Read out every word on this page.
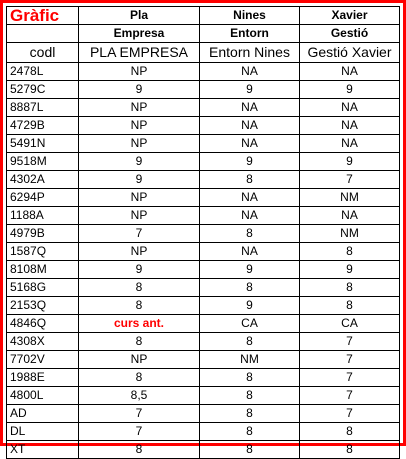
Gràfic	Pla	Nines	Xavier
	Empresa	Entorn	Gestió
codl	PLA EMPRESA	Entorn Nines	Gestió Xavier
2478L	NP	NA	NA
5279C	9	9	9
8887L	NP	NA	NA
4729B	NP	NA	NA
5491N	NP	NA	NA
9518M	9	9	9
4302A	9	8	7
6294P	NP	NA	NM
1188A	NP	NA	NA
4979B	7	8	NM
1587Q	NP	NA	8
8108M	9	9	9
5168G	8	8	8
2153Q	8	9	8
4846Q	curs ant.	CA	CA
4308X	8	8	7
7702V	NP	NM	7
1988E	8	8	7
4800L	8,5	8	7
AD	7	8	7
DL	7	8	8
XT	8	8	8
